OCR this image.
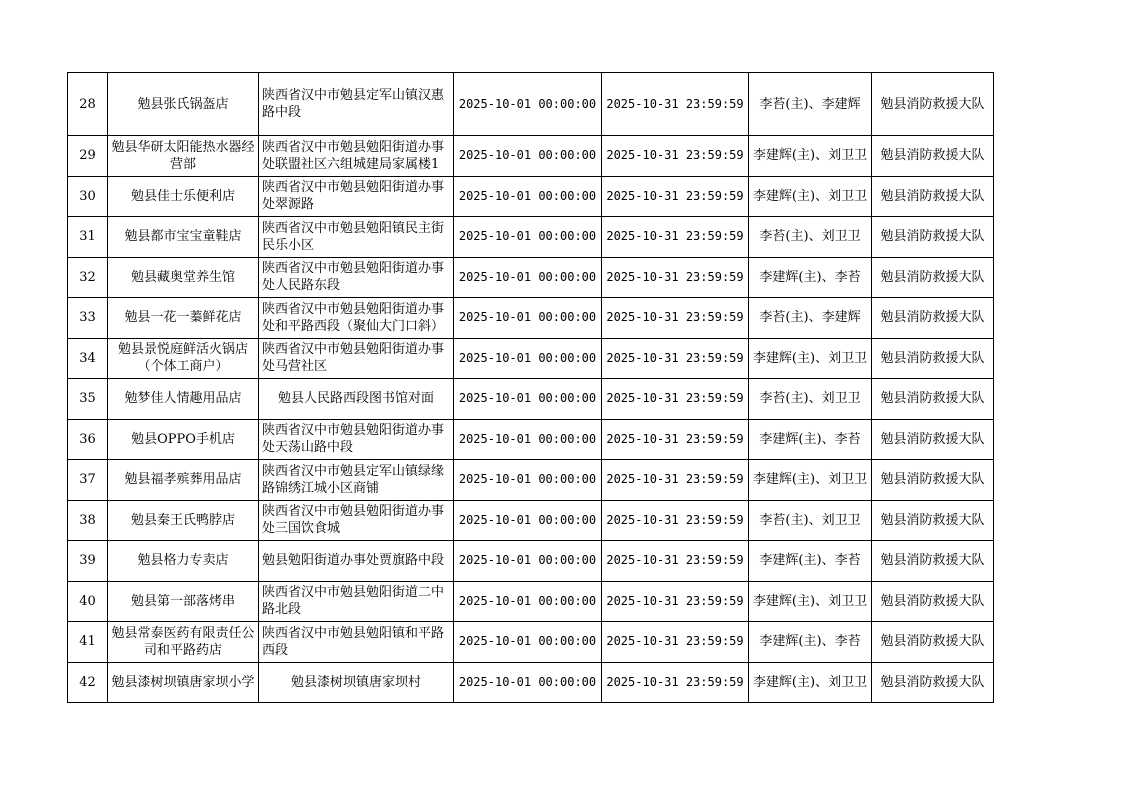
28	勉县张氏锅盔店	陕西省汉中市勉县定军山镇汉惠路中段	2025-10-01 00:00:00	2025-10-31 23:59:59	李苔(主)、李建辉	勉县消防救援大队

29	勉县华研太阳能热水器经营部	陕西省汉中市勉县勉阳街道办事处联盟社区六组城建局家属楼1	2025-10-01 00:00:00	2025-10-31 23:59:59	李建辉(主)、刘卫卫	勉县消防救援大队

30	勉县佳士乐便利店	陕西省汉中市勉县勉阳街道办事处翠源路	2025-10-01 00:00:00	2025-10-31 23:59:59	李建辉(主)、刘卫卫	勉县消防救援大队

31	勉县都市宝宝童鞋店	陕西省汉中市勉县勉阳镇民主街民乐小区	2025-10-01 00:00:00	2025-10-31 23:59:59	李苔(主)、刘卫卫	勉县消防救援大队

32	勉县藏奥堂养生馆	陕西省汉中市勉县勉阳街道办事处人民路东段	2025-10-01 00:00:00	2025-10-31 23:59:59	李建辉(主)、李苔	勉县消防救援大队

33	勉县一花一蓁鲜花店	陕西省汉中市勉县勉阳街道办事处和平路西段（聚仙大门口斜）	2025-10-01 00:00:00	2025-10-31 23:59:59	李苔(主)、李建辉	勉县消防救援大队

34	勉县景悦庭鲜活火锅店（个体工商户）	陕西省汉中市勉县勉阳街道办事处马营社区	2025-10-01 00:00:00	2025-10-31 23:59:59	李建辉(主)、刘卫卫	勉县消防救援大队

35	勉梦佳人情趣用品店	勉县人民路西段图书馆对面	2025-10-01 00:00:00	2025-10-31 23:59:59	李苔(主)、刘卫卫	勉县消防救援大队

36	勉县OPPO手机店	陕西省汉中市勉县勉阳街道办事处天荡山路中段	2025-10-01 00:00:00	2025-10-31 23:59:59	李建辉(主)、李苔	勉县消防救援大队

37	勉县福孝殡葬用品店	陕西省汉中市勉县定军山镇绿缘路锦绣江城小区商铺	2025-10-01 00:00:00	2025-10-31 23:59:59	李建辉(主)、刘卫卫	勉县消防救援大队

38	勉县秦王氏鸭脖店	陕西省汉中市勉县勉阳街道办事处三国饮食城	2025-10-01 00:00:00	2025-10-31 23:59:59	李苔(主)、刘卫卫	勉县消防救援大队

39	勉县格力专卖店	勉县勉阳街道办事处贾旗路中段	2025-10-01 00:00:00	2025-10-31 23:59:59	李建辉(主)、李苔	勉县消防救援大队

40	勉县第一部落烤串	陕西省汉中市勉县勉阳街道二中路北段	2025-10-01 00:00:00	2025-10-31 23:59:59	李建辉(主)、刘卫卫	勉县消防救援大队

41	勉县常泰医药有限责任公司和平路药店	陕西省汉中市勉县勉阳镇和平路西段	2025-10-01 00:00:00	2025-10-31 23:59:59	李建辉(主)、李苔	勉县消防救援大队

42	勉县漆树坝镇唐家坝小学	勉县漆树坝镇唐家坝村	2025-10-01 00:00:00	2025-10-31 23:59:59	李建辉(主)、刘卫卫	勉县消防救援大队
